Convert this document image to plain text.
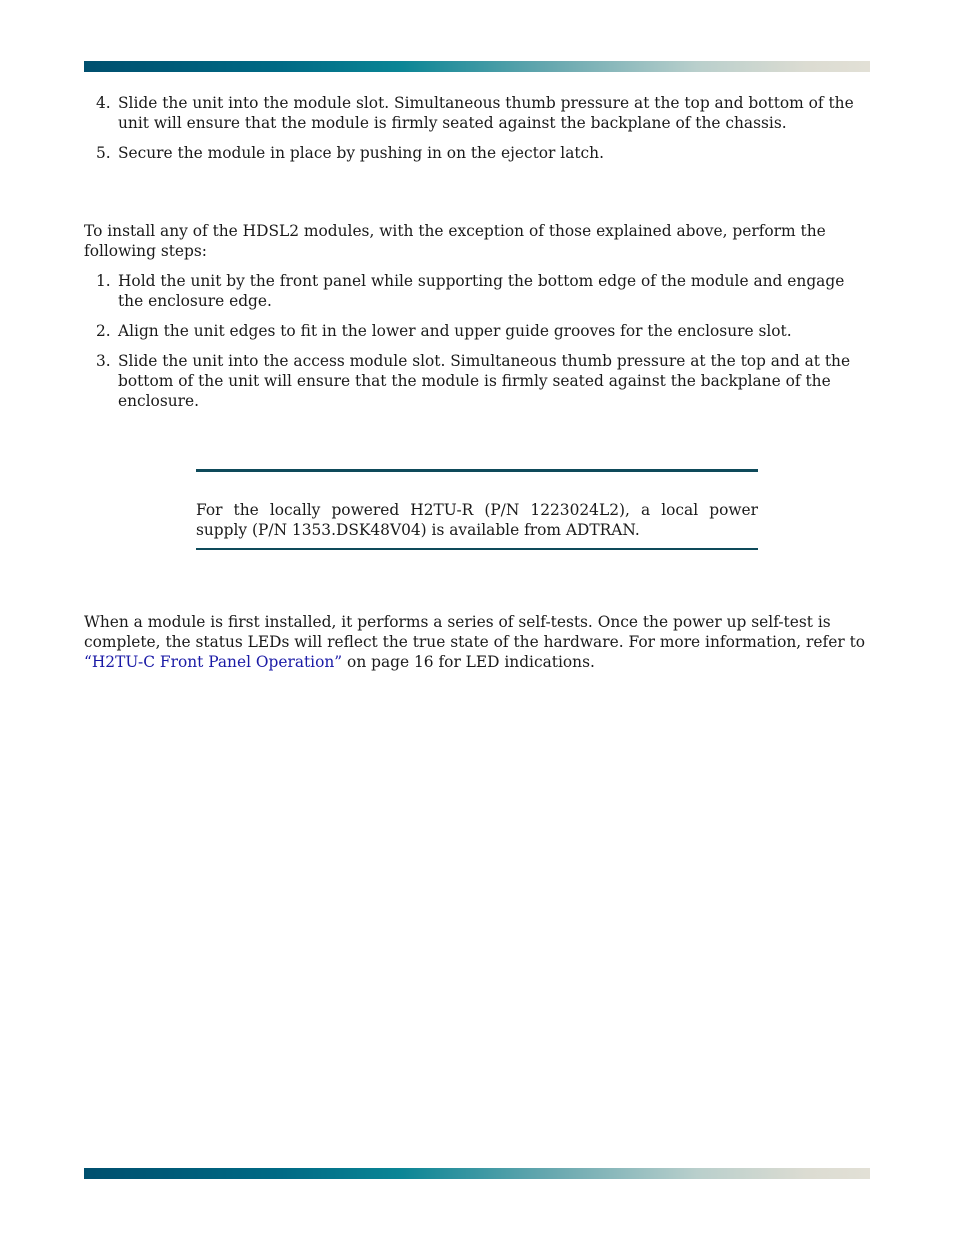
4. Slide the unit into the module slot. Simultaneous thumb pressure at the top and bottom of the unit will ensure that the module is firmly seated against the backplane of the chassis.
5. Secure the module in place by pushing in on the ejector latch.

To install any of the HDSL2 modules, with the exception of those explained above, perform the following steps:

1. Hold the unit by the front panel while supporting the bottom edge of the module and engage the enclosure edge.
2. Align the unit edges to fit in the lower and upper guide grooves for the enclosure slot.
3. Slide the unit into the access module slot. Simultaneous thumb pressure at the top and at the bottom of the unit will ensure that the module is firmly seated against the backplane of the enclosure.

For the locally powered H2TU-R (P/N 1223024L2), a local power supply (P/N 1353.DSK48V04) is available from ADTRAN.

When a module is first installed, it performs a series of self-tests. Once the power up self-test is complete, the status LEDs will reflect the true state of the hardware. For more information, refer to “H2TU-C Front Panel Operation” on page 16 for LED indications.
